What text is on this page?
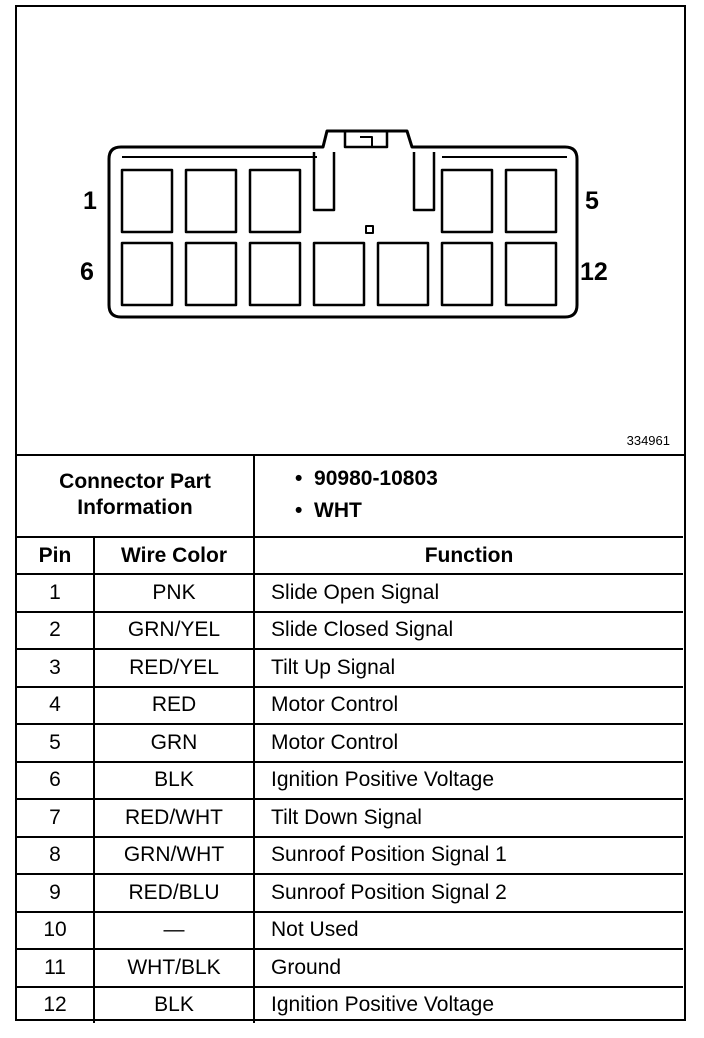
1	5
6	12
334961
Connector Part Information		•  90980-10803
•  WHT

Pin	Wire Color	Function
1	PNK	Slide Open Signal
2	GRN/YEL	Slide Closed Signal
3	RED/YEL	Tilt Up Signal
4	RED	Motor Control
5	GRN	Motor Control
6	BLK	Ignition Positive Voltage
7	RED/WHT	Tilt Down Signal
8	GRN/WHT	Sunroof Position Signal 1
9	RED/BLU	Sunroof Position Signal 2
10	—	Not Used
11	WHT/BLK	Ground
12	BLK	Ignition Positive Voltage
